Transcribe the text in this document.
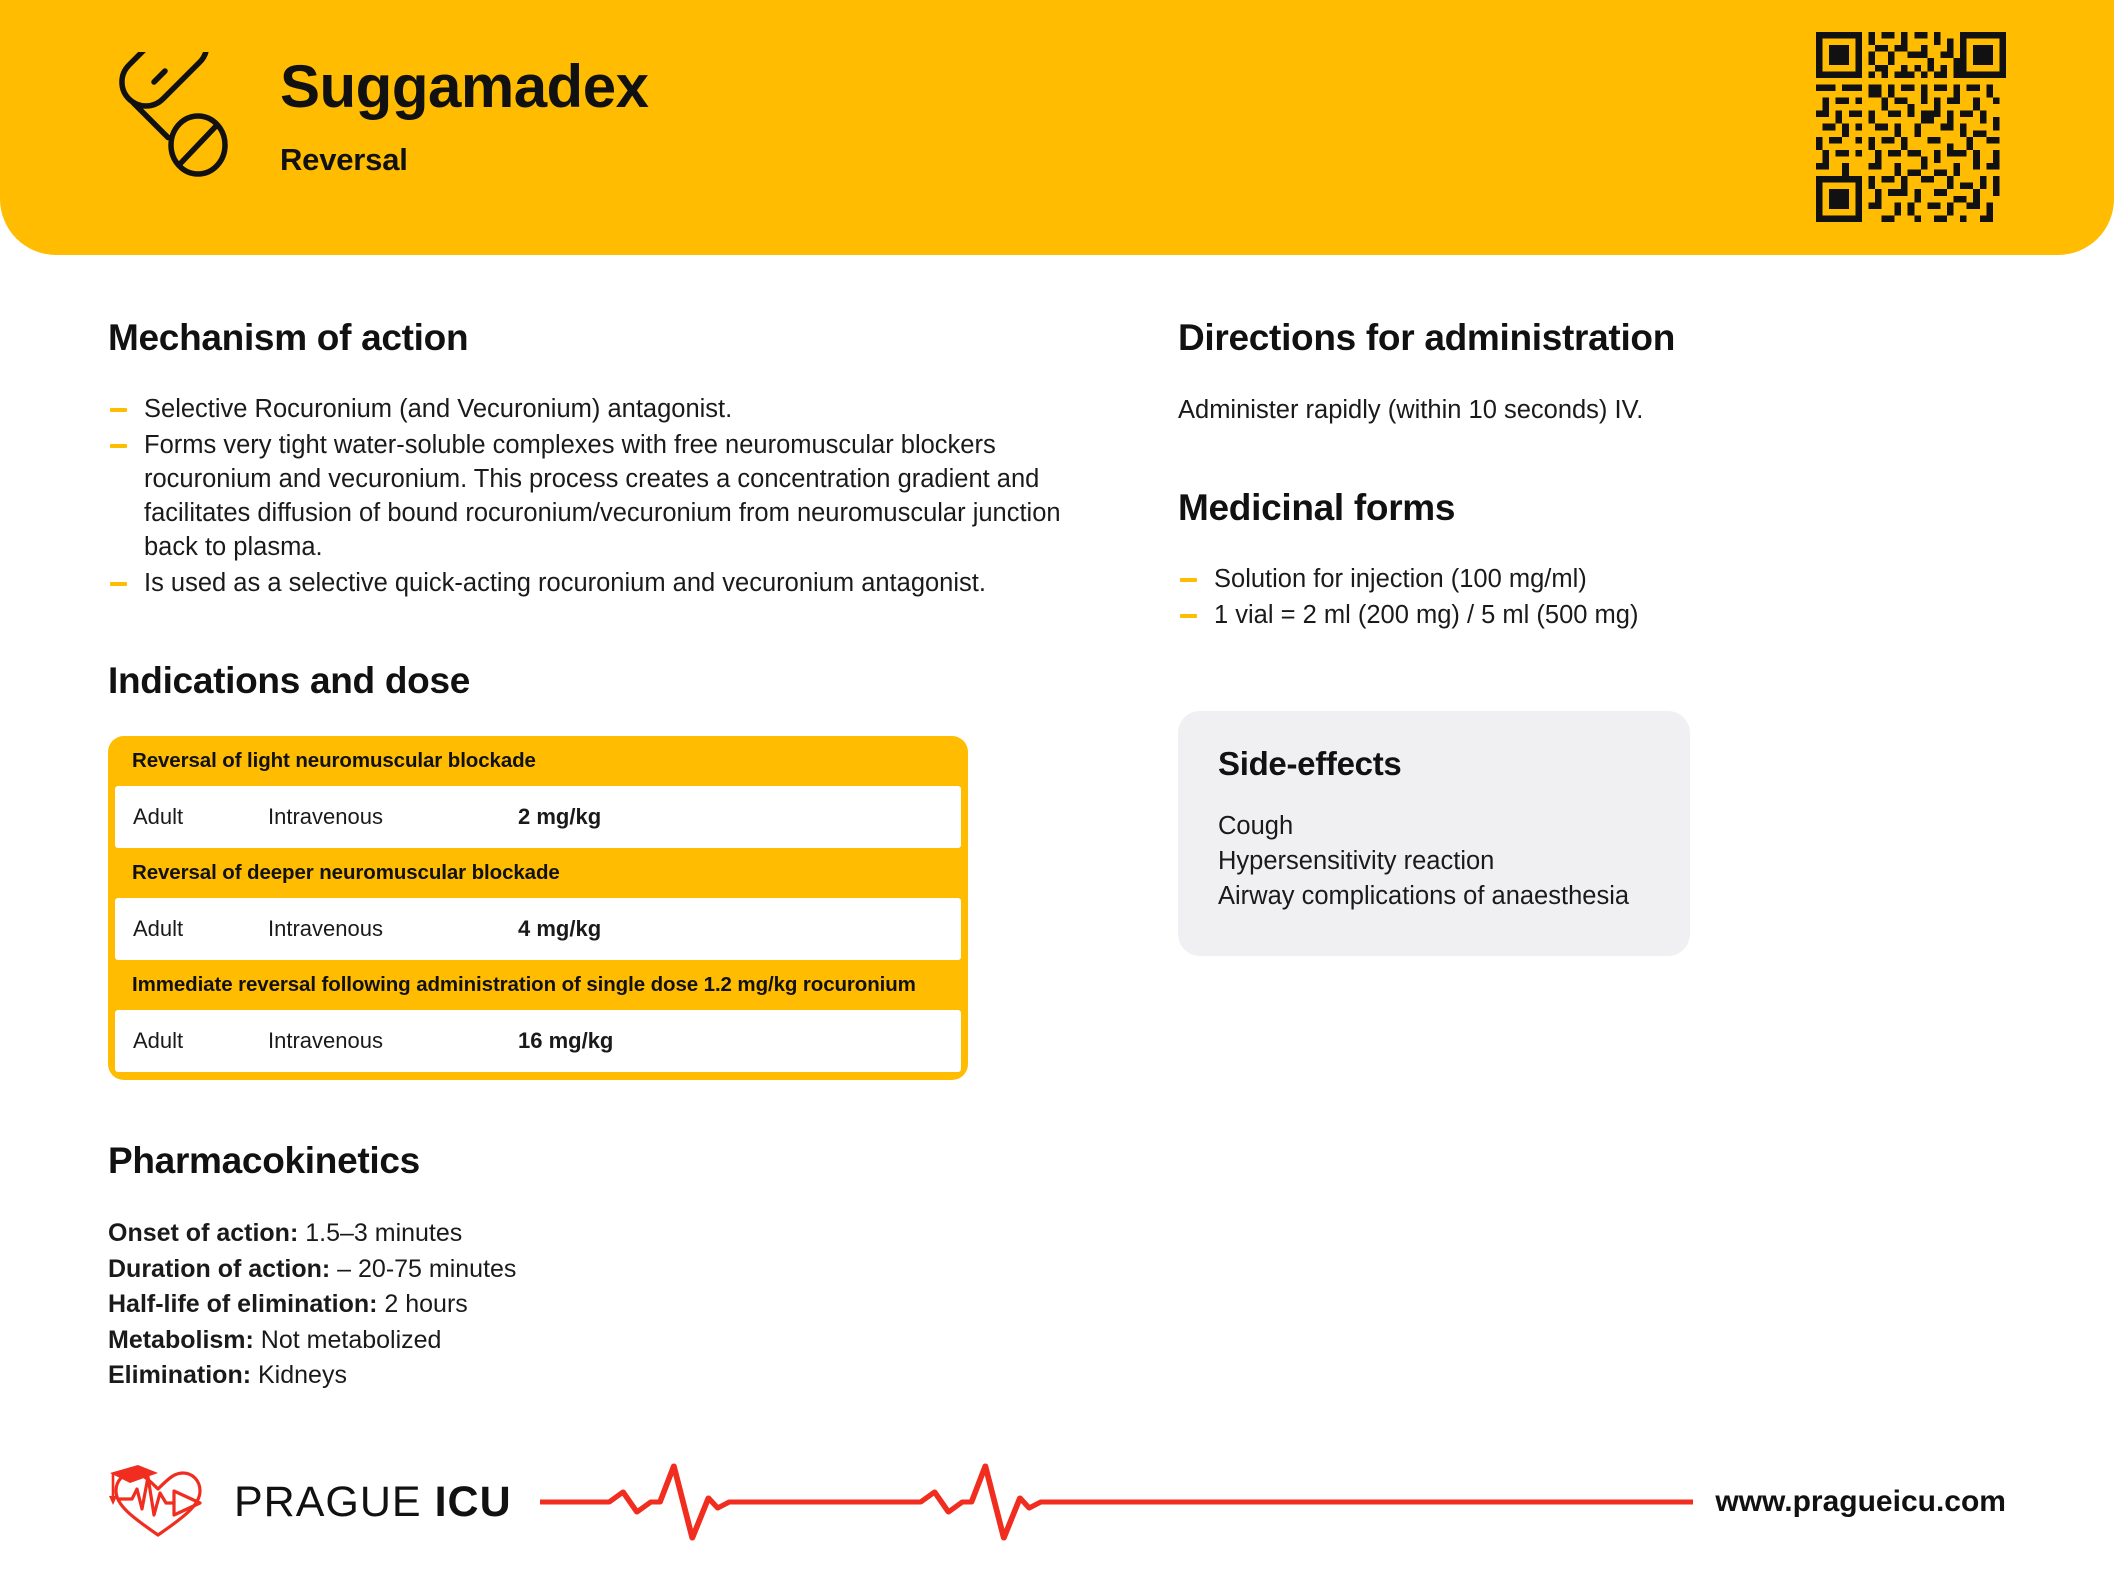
Suggamadex
Reversal
Mechanism of action
Selective Rocuronium (and Vecuronium) antagonist.
Forms very tight water-soluble complexes with free neuromuscular blockers rocuronium and vecuronium. This process creates a concentration gradient and facilitates diffusion of bound rocuronium/vecuronium from neuromuscular junction back to plasma.
Is used as a selective quick-acting rocuronium and vecuronium antagonist.
Indications and dose
Reversal of light neuromuscular blockade
Adult	Intravenous	2 mg/kg
Reversal of deeper neuromuscular blockade
Adult	Intravenous	4 mg/kg
Immediate reversal following administration of single dose 1.2 mg/kg rocuronium
Adult	Intravenous	16 mg/kg
Pharmacokinetics
Onset of action: 1.5–3 minutes
Duration of action: – 20-75 minutes
Half-life of elimination: 2 hours
Metabolism: Not metabolized
Elimination: Kidneys
Directions for administration
Administer rapidly (within 10 seconds) IV.
Medicinal forms
Solution for injection (100 mg/ml)
1 vial = 2 ml (200 mg) / 5 ml (500 mg)
Side-effects
Cough
Hypersensitivity reaction
Airway complications of anaesthesia
PRAGUE ICU	www.pragueicu.com
